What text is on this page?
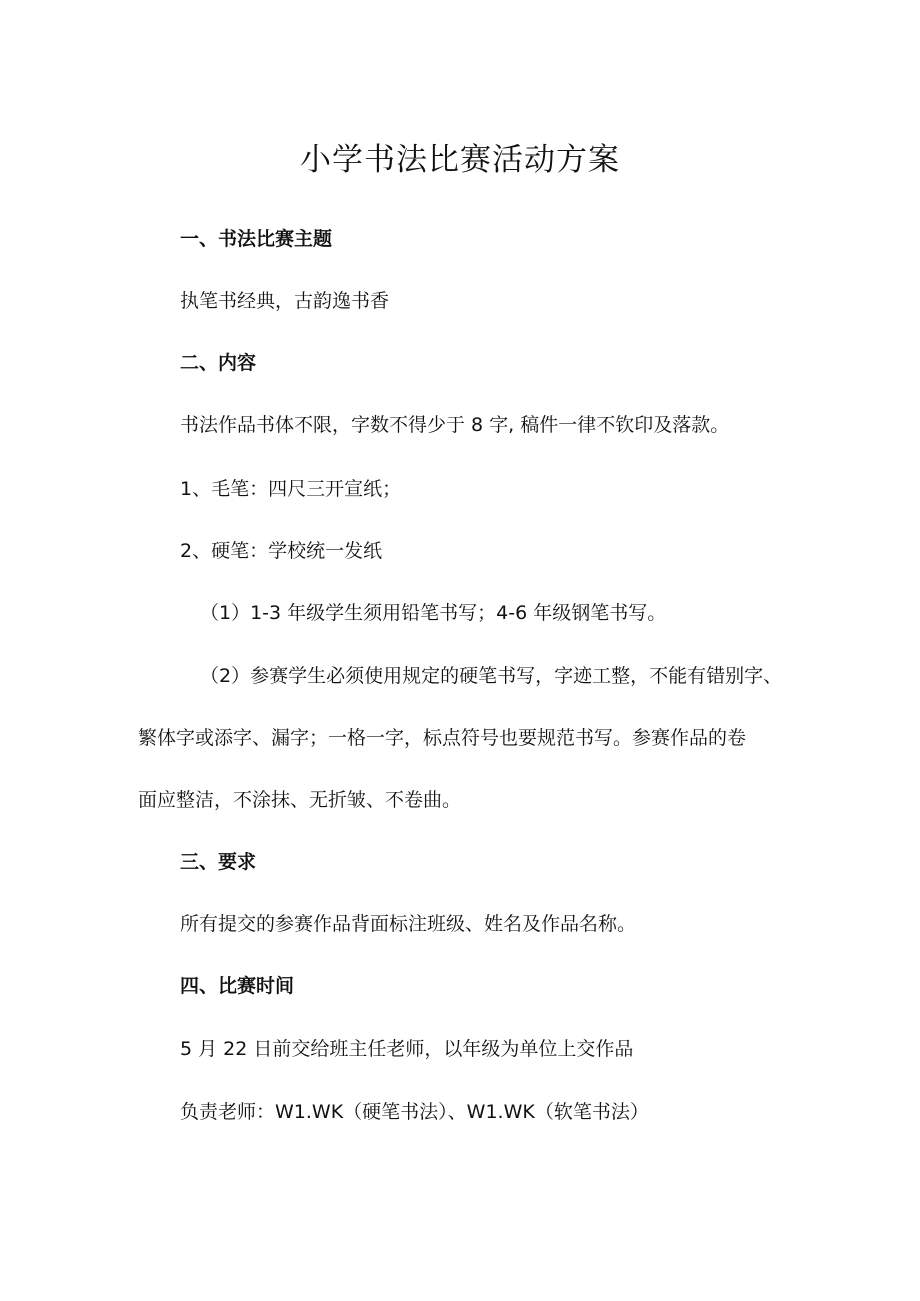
小学书法比赛活动方案
一、书法比赛主题
执笔书经典，古韵逸书香
二、内容
书法作品书体不限，字数不得少于 8 字, 稿件一律不钦印及落款。
1、毛笔：四尺三开宣纸；
2、硬笔：学校统一发纸
（1）1-3 年级学生须用铅笔书写；4-6 年级钢笔书写。
（2）参赛学生必须使用规定的硬笔书写，字迹工整，不能有错别字、
繁体字或添字、漏字；一格一字，标点符号也要规范书写。参赛作品的卷
面应整洁，不涂抹、无折皱、不卷曲。
三、要求
所有提交的参赛作品背面标注班级、姓名及作品名称。
四、比赛时间
5 月 22 日前交给班主任老师，以年级为单位上交作品
负责老师：W1.WK（硬笔书法）、W1.WK（软笔书法）
